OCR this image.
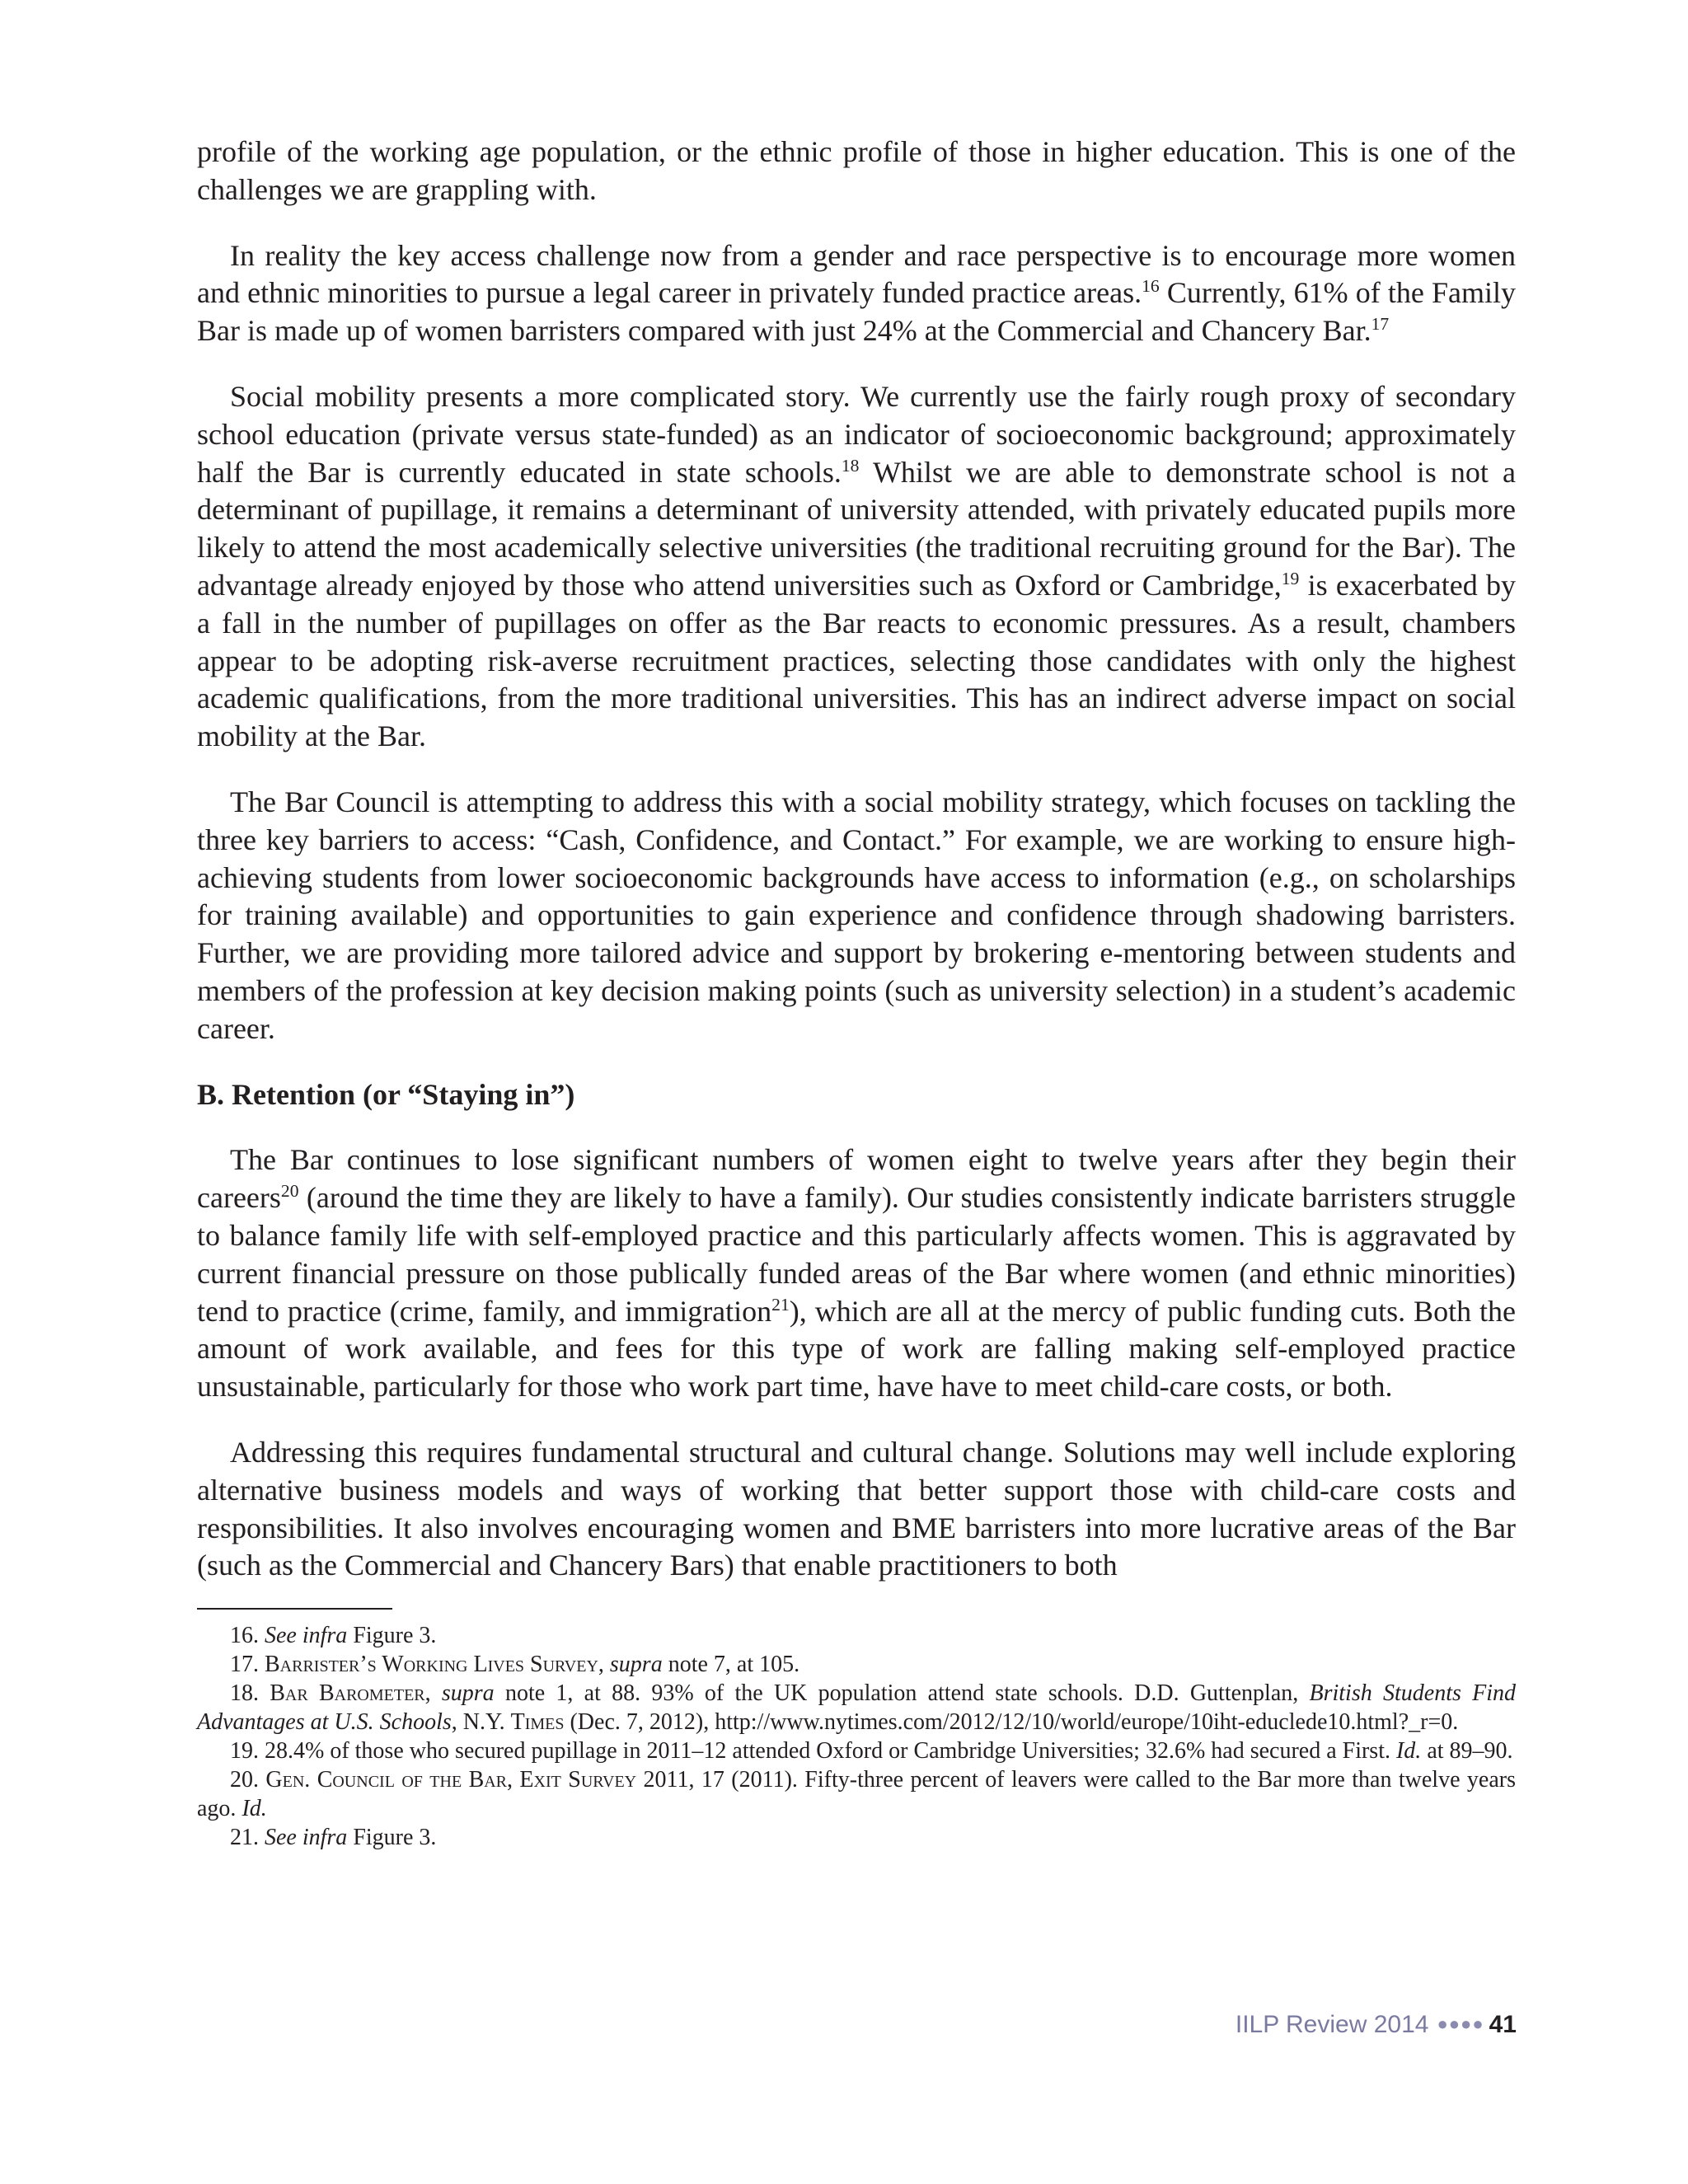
profile of the working age population, or the ethnic profile of those in higher education. This is one of the challenges we are grappling with.

In reality the key access challenge now from a gender and race perspective is to encourage more women and ethnic minorities to pursue a legal career in privately funded practice areas.$^{16}$ Currently, 61% of the Family Bar is made up of women barristers compared with just 24% at the Commercial and Chancery Bar.$^{17}$

Social mobility presents a more complicated story. We currently use the fairly rough proxy of secondary school education (private versus state-funded) as an indicator of socioeconomic background; approximately half the Bar is currently educated in state schools.$^{18}$ Whilst we are able to demonstrate school is not a determinant of pupillage, it remains a determinant of university attended, with privately educated pupils more likely to attend the most academically selective universities (the traditional recruiting ground for the Bar). The advantage already enjoyed by those who attend universities such as Oxford or Cambridge,$^{19}$ is exacerbated by a fall in the number of pupillages on offer as the Bar reacts to economic pressures. As a result, chambers appear to be adopting risk-averse recruitment practices, selecting those candidates with only the highest academic qualifications, from the more traditional universities. This has an indirect adverse impact on social mobility at the Bar.

The Bar Council is attempting to address this with a social mobility strategy, which focuses on tackling the three key barriers to access: “Cash, Confidence, and Contact.” For example, we are working to ensure high-achieving students from lower socioeconomic backgrounds have access to information (e.g., on scholarships for training available) and opportunities to gain experience and confidence through shadowing barristers. Further, we are providing more tailored advice and support by brokering e-mentoring between students and members of the profession at key decision making points (such as university selection) in a student’s academic career.

B. Retention (or “Staying in”)

The Bar continues to lose significant numbers of women eight to twelve years after they begin their careers$^{20}$ (around the time they are likely to have a family). Our studies consistently indicate barristers struggle to balance family life with self-employed practice and this particularly affects women. This is aggravated by current financial pressure on those publically funded areas of the Bar where women (and ethnic minorities) tend to practice (crime, family, and immigration$^{21}$), which are all at the mercy of public funding cuts. Both the amount of work available, and fees for this type of work are falling making self-employed practice unsustainable, particularly for those who work part time, have have to meet child-care costs, or both.

Addressing this requires fundamental structural and cultural change. Solutions may well include exploring alternative business models and ways of working that better support those with child-care costs and responsibilities. It also involves encouraging women and BME barristers into more lucrative areas of the Bar (such as the Commercial and Chancery Bars) that enable practitioners to both

16. See infra Figure 3.

17. Barrister’s Working Lives Survey, supra note 7, at 105.

18. Bar Barometer, supra note 1, at 88. 93% of the UK population attend state schools. D.D. Guttenplan, British Students Find Advantages at U.S. Schools, N.Y. Times (Dec. 7, 2012), http://www.nytimes.com/2012/12/10/world/europe/10iht-educlede10.html?_r=0.

19. 28.4% of those who secured pupillage in 2011–12 attended Oxford or Cambridge Universities; 32.6% had secured a First. Id. at 89–90.

20. Gen. Council of the Bar, Exit Survey 2011, 17 (2011). Fifty-three percent of leavers were called to the Bar more than twelve years ago. Id.

21. See infra Figure 3.

IILP Review 2014 ●●●● 41
